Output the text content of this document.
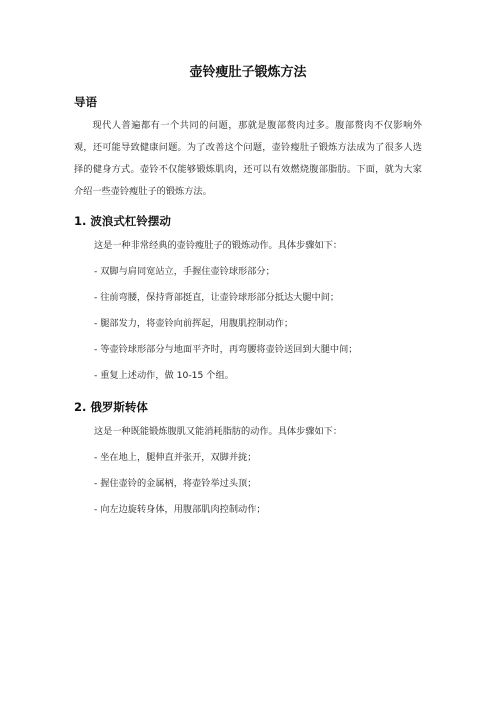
壶铃瘦肚子锻炼方法
导语

现代人普遍都有一个共同的问题，那就是腹部赘肉过多。腹部赘肉不仅影响外观，还可能导致健康问题。为了改善这个问题，壶铃瘦肚子锻炼方法成为了很多人选择的健身方式。壶铃不仅能够锻炼肌肉，还可以有效燃烧腹部脂肪。下面，就为大家介绍一些壶铃瘦肚子的锻炼方法。

1. 波浪式杠铃摆动

这是一种非常经典的壶铃瘦肚子的锻炼动作。具体步骤如下：

- 双脚与肩同宽站立，手握住壶铃球形部分；
- 往前弯腰，保持背部挺直，让壶铃球形部分抵达大腿中间；
- 腿部发力，将壶铃向前挥起，用腹肌控制动作；
- 等壶铃球形部分与地面平齐时，再弯腰将壶铃送回到大腿中间；
- 重复上述动作，做 10-15 个组。
2. 俄罗斯转体

这是一种既能锻炼腹肌又能消耗脂肪的动作。具体步骤如下：

- 坐在地上，腿伸直并张开，双脚并拢；
- 握住壶铃的金属柄，将壶铃举过头顶；
- 向左边旋转身体，用腹部肌肉控制动作；
